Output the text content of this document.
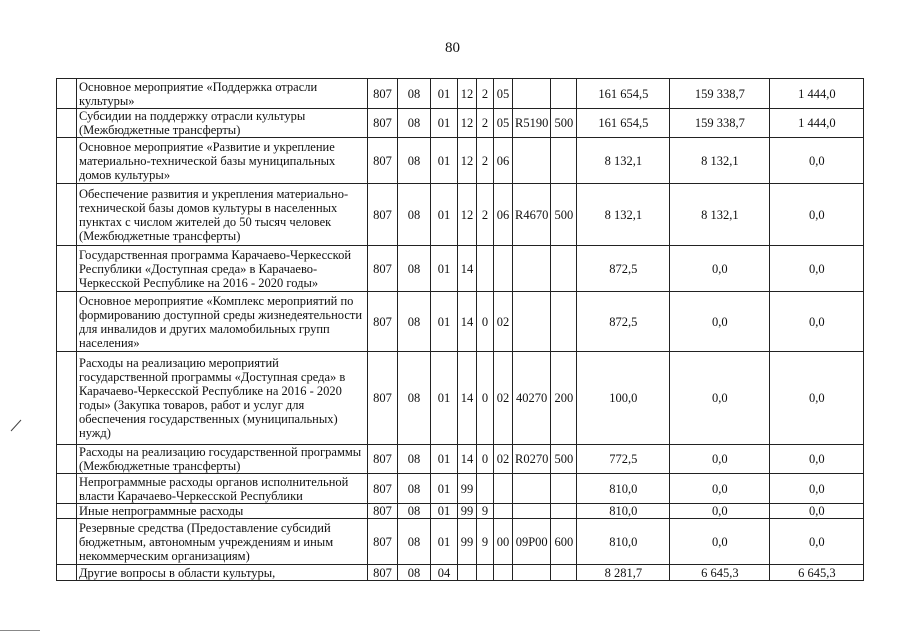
80
	Основное мероприятие «Поддержка отрасли культуры»	807	08	01	12	2	05			161 654,5	159 338,7	1 444,0
	Субсидии на поддержку отрасли культуры (Межбюджетные трансферты)	807	08	01	12	2	05	R5190	500	161 654,5	159 338,7	1 444,0
	Основное мероприятие «Развитие и укрепление материально-технической базы муниципальных домов культуры»	807	08	01	12	2	06			8 132,1	8 132,1	0,0
	Обеспечение развития и укрепления материально-технической базы домов культуры в населенных пунктах с числом жителей до 50 тысяч человек (Межбюджетные трансферты)	807	08	01	12	2	06	R4670	500	8 132,1	8 132,1	0,0
	Государственная программа Карачаево-Черкесской Республики «Доступная среда» в Карачаево-Черкесской Республике на 2016 - 2020 годы»	807	08	01	14					872,5	0,0	0,0
	Основное мероприятие «Комплекс мероприятий по формированию доступной среды жизнедеятельности для инвалидов и других маломобильных групп населения»	807	08	01	14	0	02			872,5	0,0	0,0
	Расходы на реализацию мероприятий государственной программы «Доступная среда» в Карачаево-Черкесской Республике на 2016 - 2020 годы» (Закупка товаров, работ и услуг для обеспечения государственных (муниципальных) нужд)	807	08	01	14	0	02	40270	200	100,0	0,0	0,0
	Расходы на реализацию государственной программы (Межбюджетные трансферты)	807	08	01	14	0	02	R0270	500	772,5	0,0	0,0
	Непрограммные расходы органов исполнительной власти Карачаево-Черкесской Республики	807	08	01	99					810,0	0,0	0,0
	Иные непрограммные расходы	807	08	01	99	9				810,0	0,0	0,0
	Резервные средства (Предоставление субсидий бюджетным, автономным учреждениям и иным некоммерческим организациям)	807	08	01	99	9	00	09Р00	600	810,0	0,0	0,0
	Другие вопросы в области культуры,	807	08	04						8 281,7	6 645,3	6 645,3
